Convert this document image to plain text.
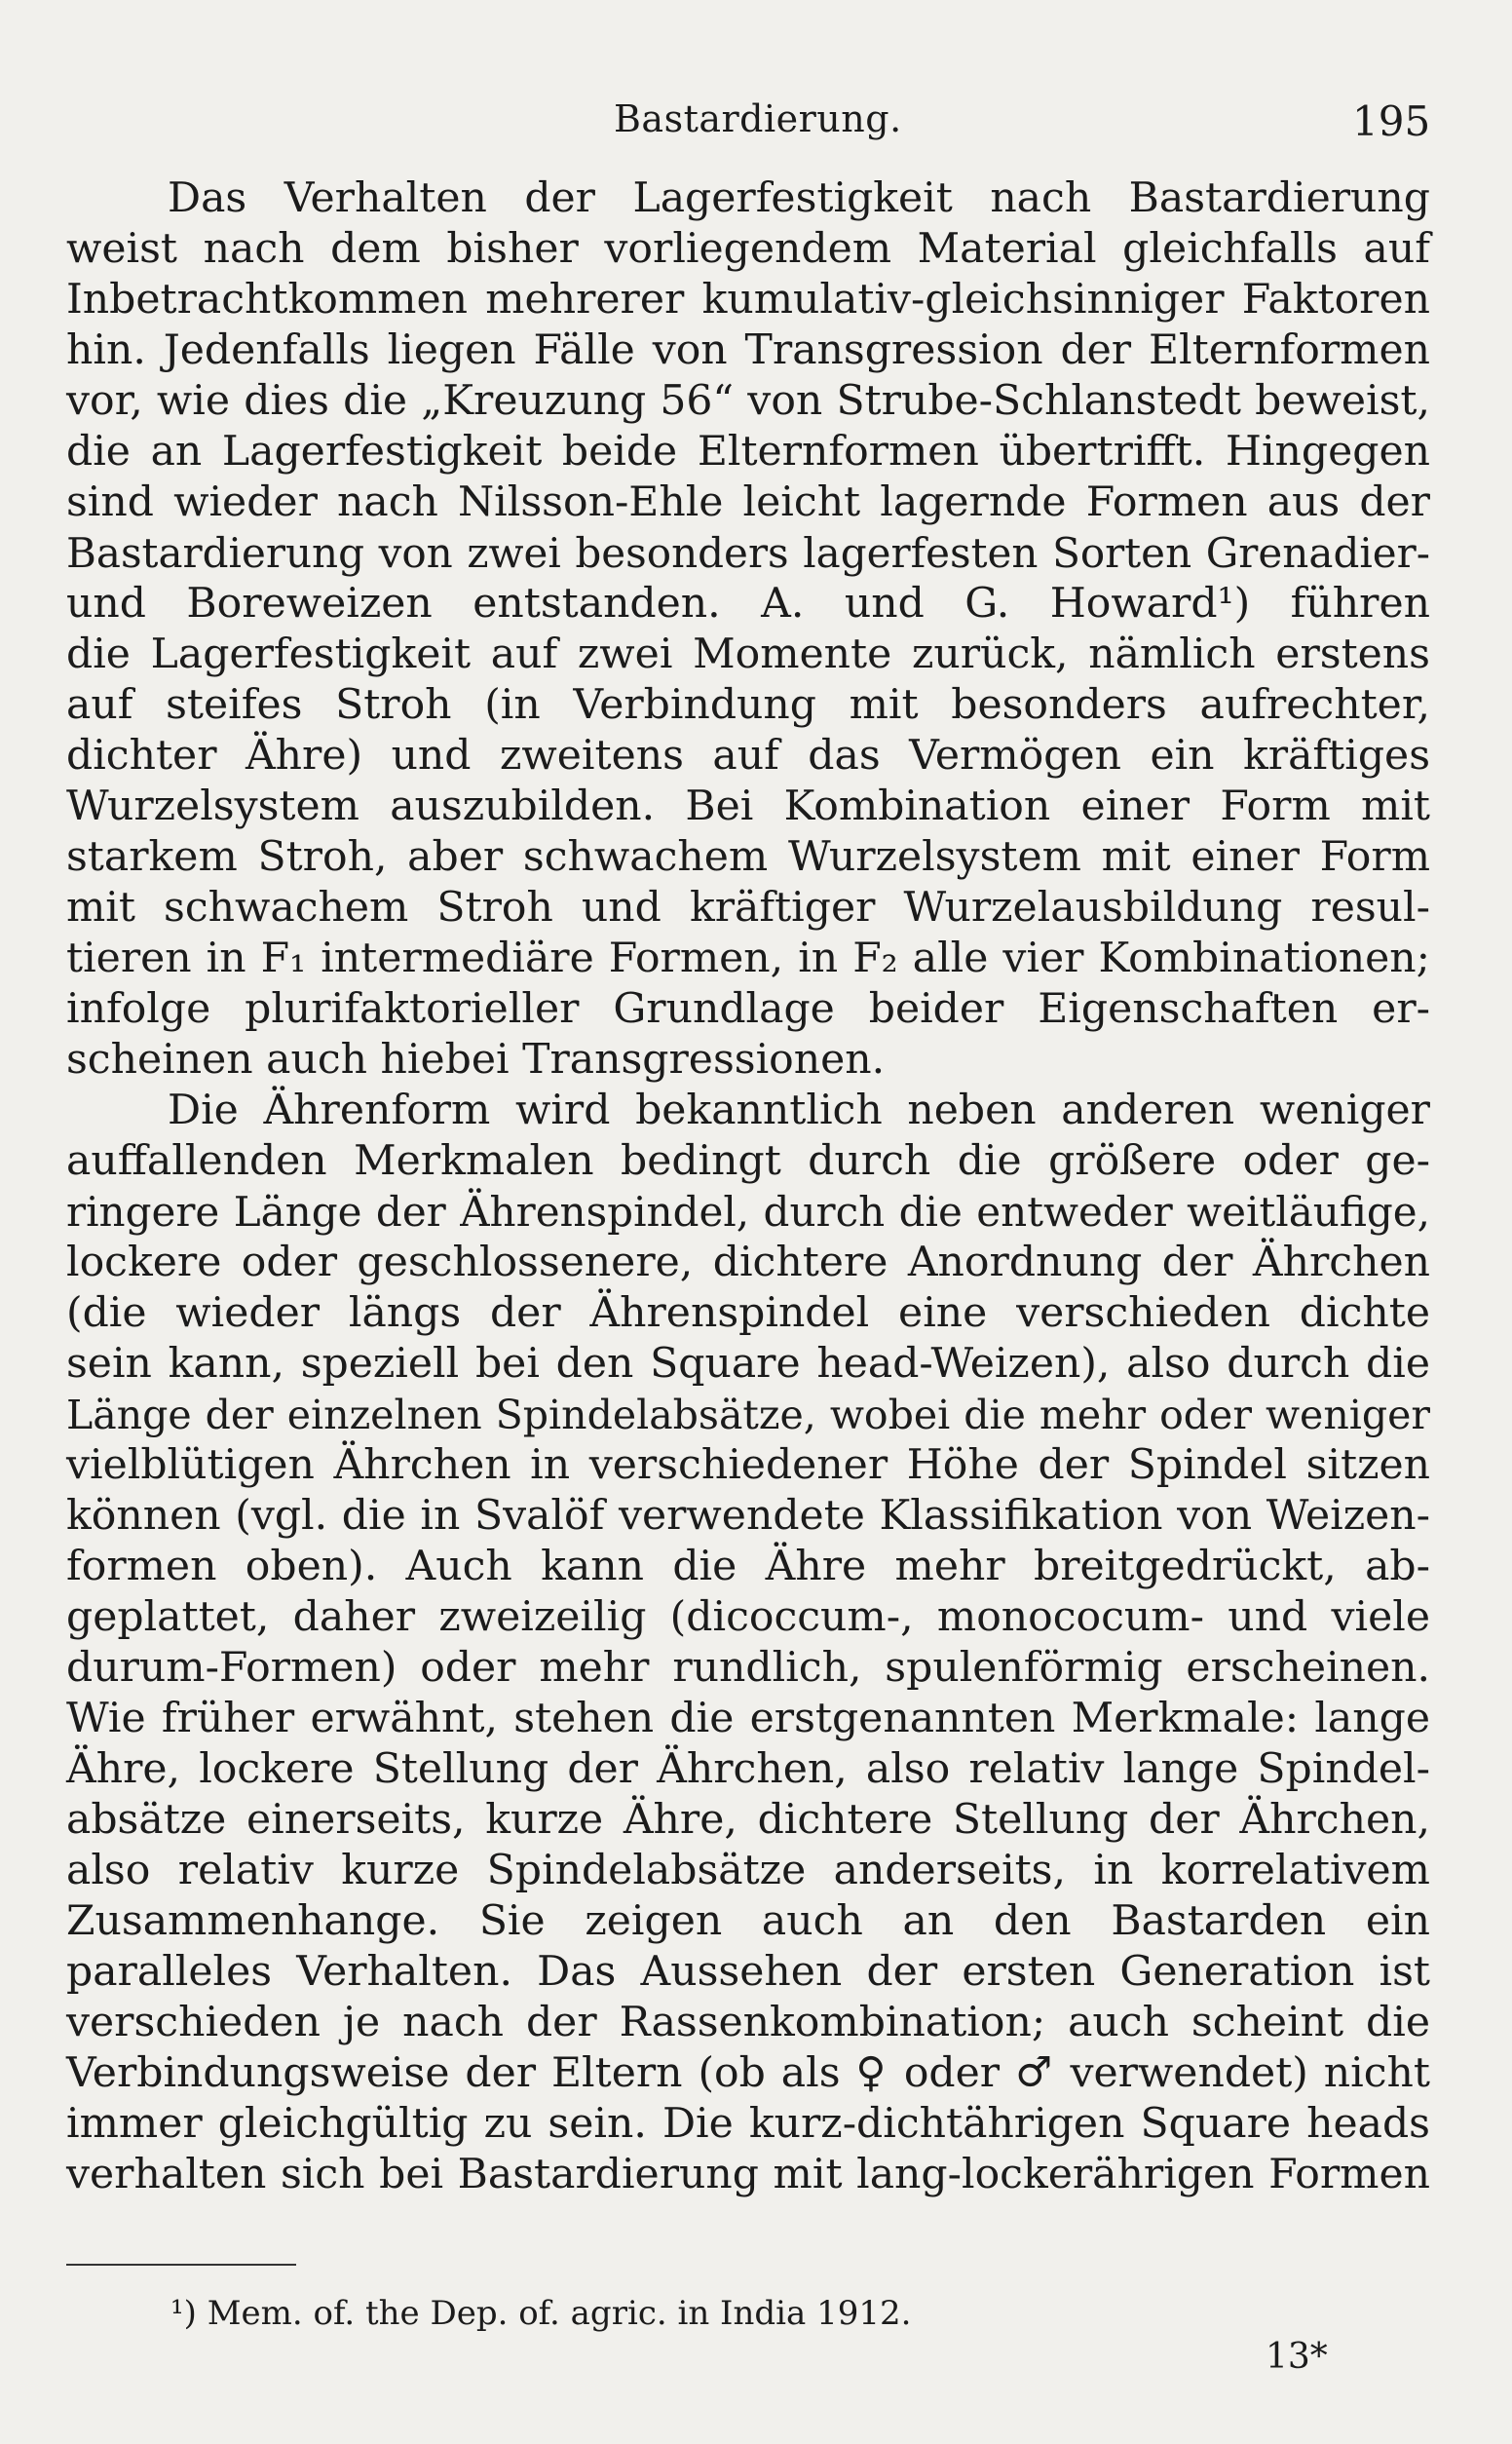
Bastardierung.	195
Das Verhalten der Lagerfestigkeit nach Bastardierung
weist nach dem bisher vorliegendem Material gleichfalls auf
Inbetrachtkommen mehrerer kumulativ-gleichsinniger Faktoren
hin. Jedenfalls liegen Fälle von Transgression der Elternformen
vor, wie dies die „Kreuzung 56“ von Strube-Schlanstedt beweist,
die an Lagerfestigkeit beide Elternformen übertrifft. Hingegen
sind wieder nach Nilsson-Ehle leicht lagernde Formen aus der
Bastardierung von zwei besonders lagerfesten Sorten Grenadier-
und Boreweizen entstanden. A. und G. Howard¹) führen
die Lagerfestigkeit auf zwei Momente zurück, nämlich erstens
auf steifes Stroh (in Verbindung mit besonders aufrechter,
dichter Ähre) und zweitens auf das Vermögen ein kräftiges
Wurzelsystem auszubilden. Bei Kombination einer Form mit
starkem Stroh, aber schwachem Wurzelsystem mit einer Form
mit schwachem Stroh und kräftiger Wurzelausbildung resul-
tieren in F₁ intermediäre Formen, in F₂ alle vier Kombinationen;
infolge plurifaktorieller Grundlage beider Eigenschaften er-
scheinen auch hiebei Transgressionen.
Die Ährenform wird bekanntlich neben anderen weniger
auffallenden Merkmalen bedingt durch die größere oder ge-
ringere Länge der Ährenspindel, durch die entweder weitläufige,
lockere oder geschlossenere, dichtere Anordnung der Ährchen
(die wieder längs der Ährenspindel eine verschieden dichte
sein kann, speziell bei den Square head-Weizen), also durch die
Länge der einzelnen Spindelabsätze, wobei die mehr oder weniger
vielblütigen Ährchen in verschiedener Höhe der Spindel sitzen
können (vgl. die in Svalöf verwendete Klassifikation von Weizen-
formen oben). Auch kann die Ähre mehr breitgedrückt, ab-
geplattet, daher zweizeilig (dicoccum-, monococum- und viele
durum-Formen) oder mehr rundlich, spulenförmig erscheinen.
Wie früher erwähnt, stehen die erstgenannten Merkmale: lange
Ähre, lockere Stellung der Ährchen, also relativ lange Spindel-
absätze einerseits, kurze Ähre, dichtere Stellung der Ährchen,
also relativ kurze Spindelabsätze anderseits, in korrelativem
Zusammenhange. Sie zeigen auch an den Bastarden ein
paralleles Verhalten. Das Aussehen der ersten Generation ist
verschieden je nach der Rassenkombination; auch scheint die
Verbindungsweise der Eltern (ob als ♀ oder ♂ verwendet) nicht
immer gleichgültig zu sein. Die kurz-dichtährigen Square heads
verhalten sich bei Bastardierung mit lang-lockerährigen Formen
¹) Mem. of. the Dep. of. agric. in India 1912.
13*
